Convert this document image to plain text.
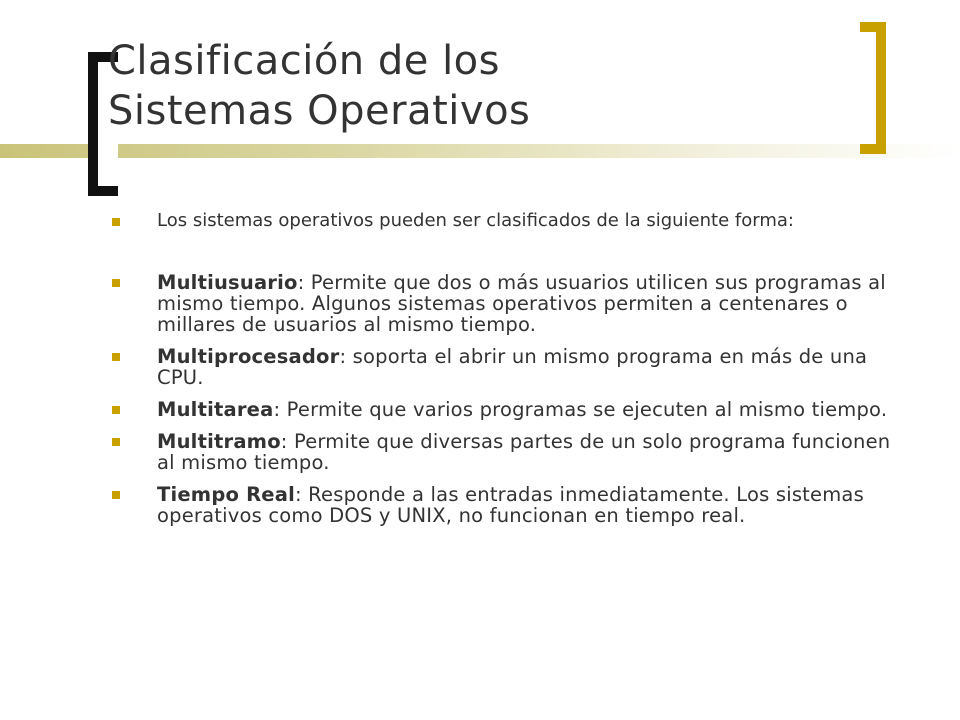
Clasificación de los
Sistemas Operativos
Los sistemas operativos pueden ser clasificados de la siguiente forma:
Multiusuario: Permite que dos o más usuarios utilicen sus programas al mismo tiempo. Algunos sistemas operativos permiten a centenares o millares de usuarios al mismo tiempo.
Multiprocesador: soporta el abrir un mismo programa en más de una CPU.
Multitarea: Permite que varios programas se ejecuten al mismo tiempo.
Multitramo: Permite que diversas partes de un solo programa funcionen al mismo tiempo.
Tiempo Real: Responde a las entradas inmediatamente. Los sistemas operativos como DOS y UNIX, no funcionan en tiempo real.
